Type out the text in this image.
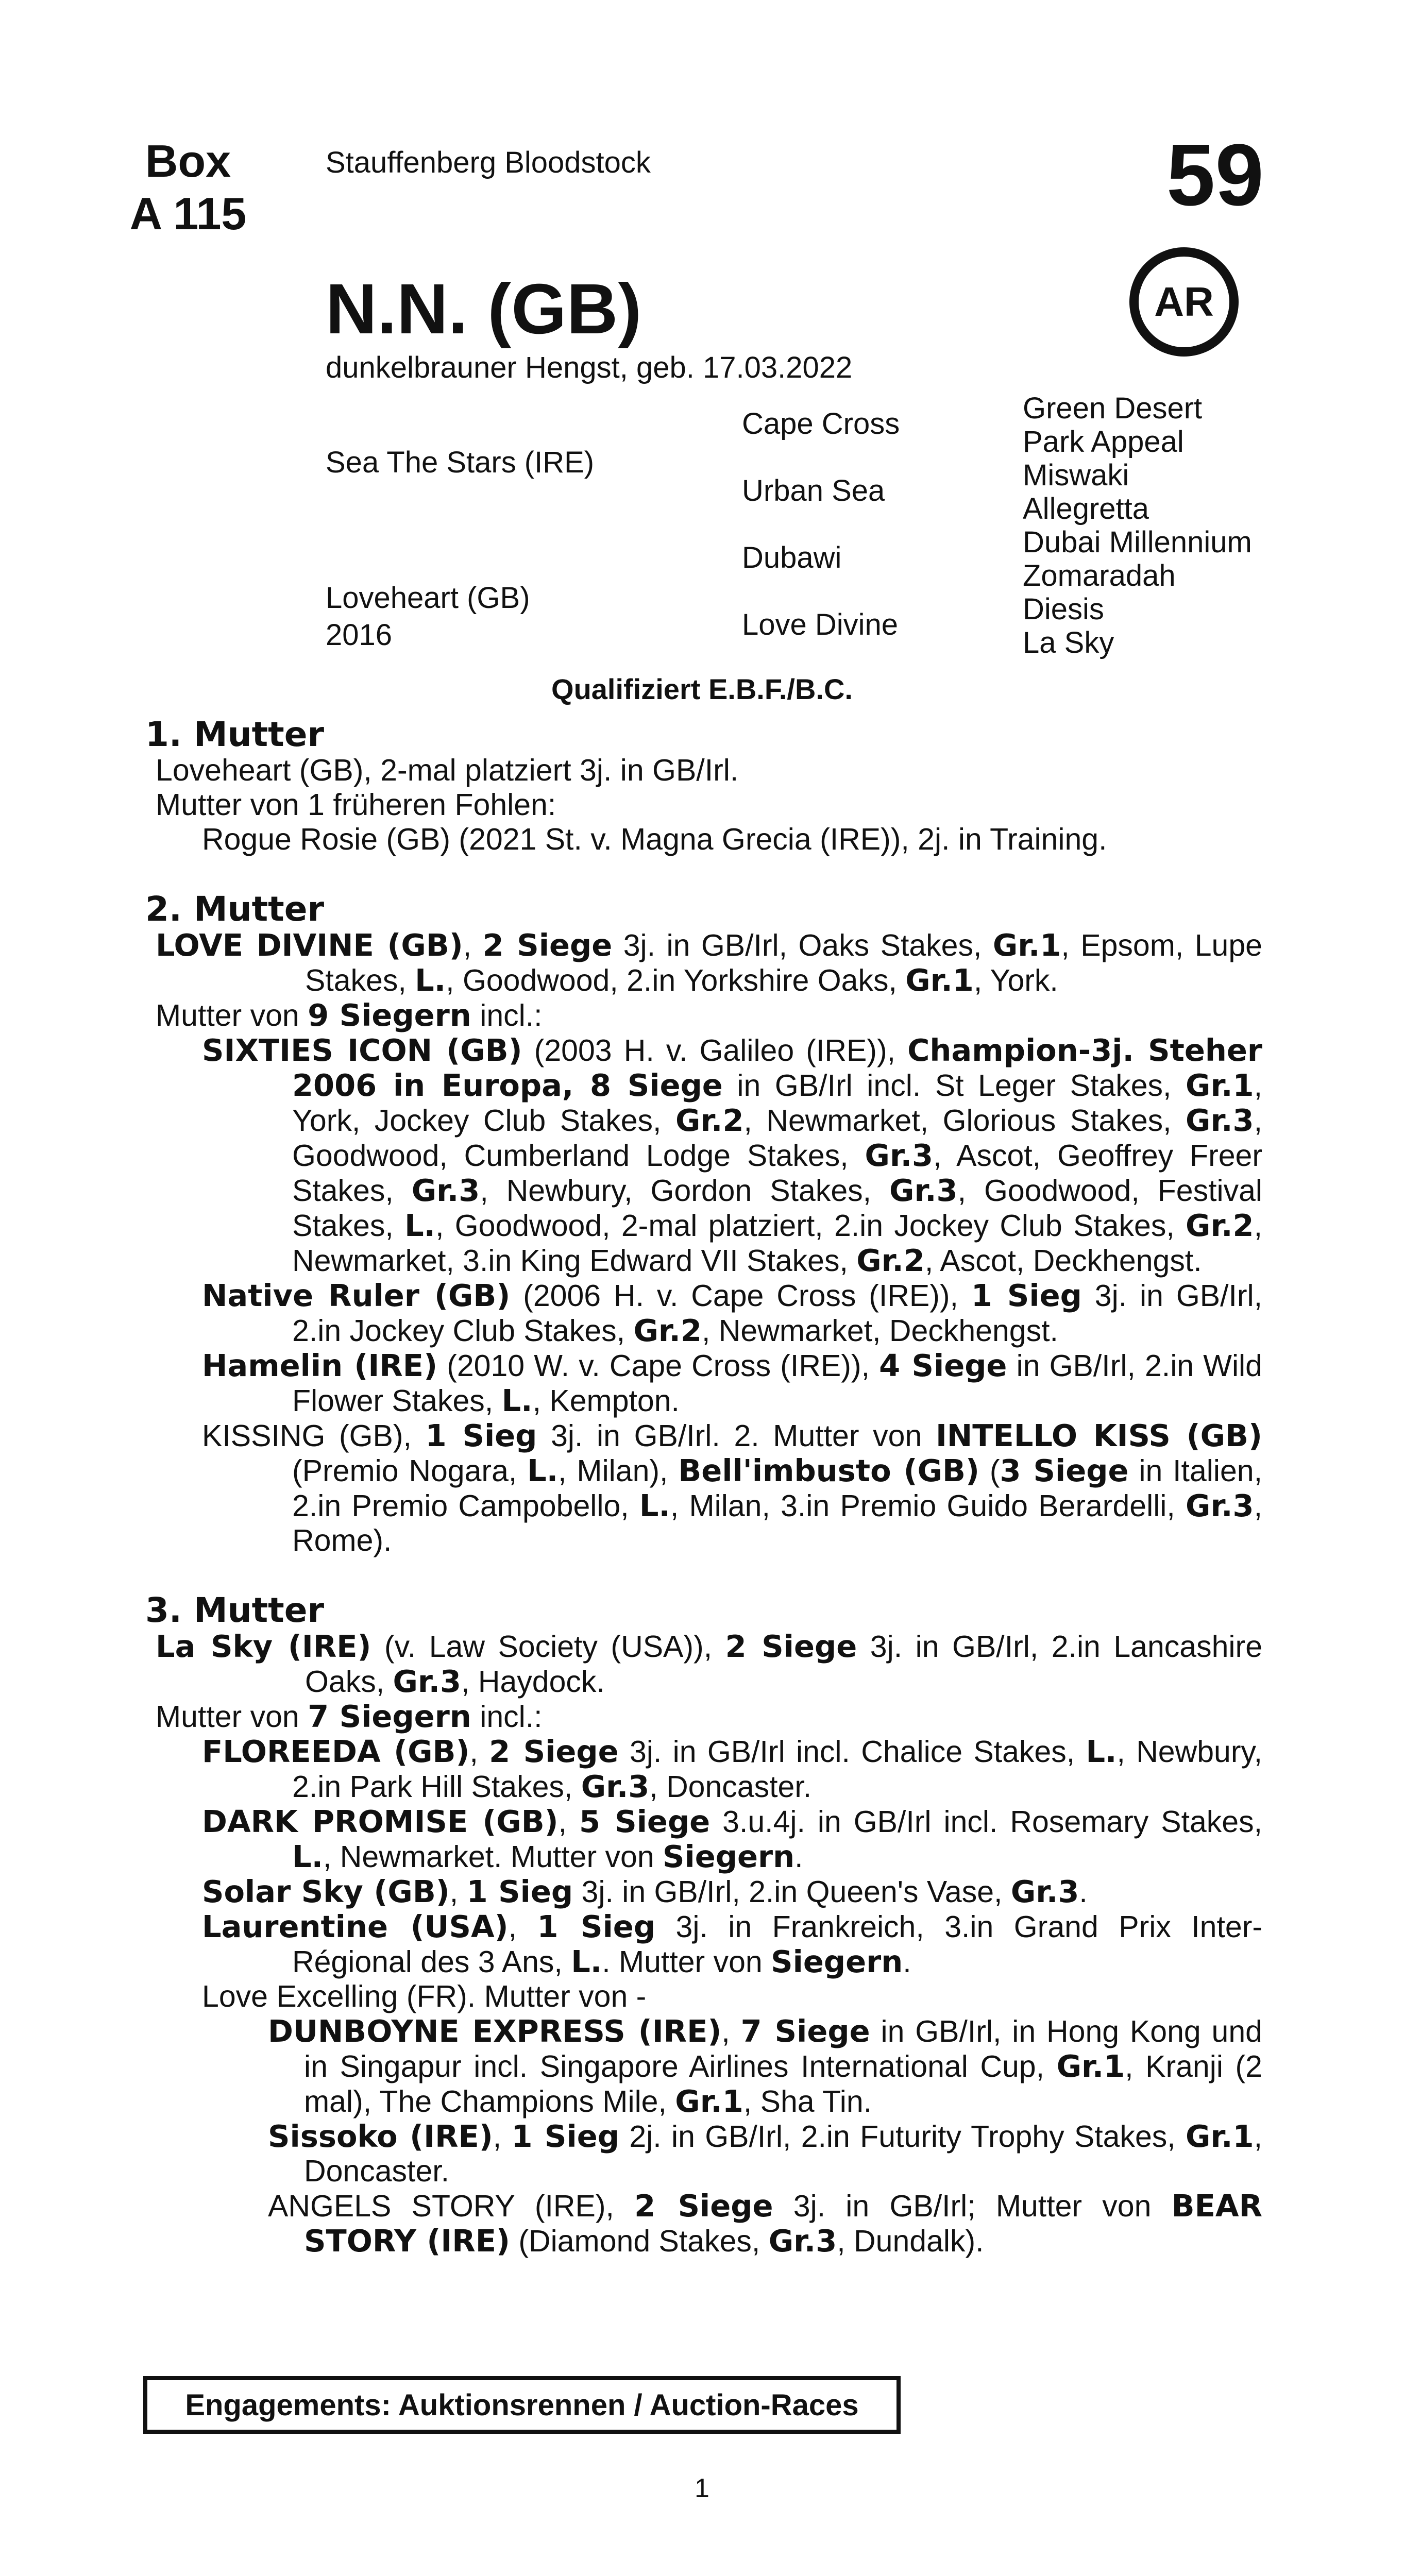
Box
A 115
Stauffenberg Bloodstock	59
N.N. (GB)	AR
dunkelbrauner Hengst, geb. 17.03.2022
Sea The Stars (IRE)
Loveheart (GB)
2016
Cape Cross
Urban Sea
Dubawi
Love Divine
Green Desert
Park Appeal
Miswaki
Allegretta
Dubai Millennium
Zomaradah
Diesis
La Sky
Qualifiziert E.B.F./B.C.
1. Mutter
Loveheart (GB), 2-mal platziert 3j. in GB/Irl.
Mutter von 1 früheren Fohlen:
Rogue Rosie (GB) (2021 St. v. Magna Grecia (IRE)), 2j. in Training.
2. Mutter
LOVE DIVINE (GB), 2 Siege 3j. in GB/Irl, Oaks Stakes, Gr.1, Epsom, Lupe Stakes, L., Goodwood, 2.in Yorkshire Oaks, Gr.1, York.
Mutter von 9 Siegern incl.:
SIXTIES ICON (GB) (2003 H. v. Galileo (IRE)), Champion-3j. Steher 2006 in Europa, 8 Siege in GB/Irl incl. St Leger Stakes, Gr.1, York, Jockey Club Stakes, Gr.2, Newmarket, Glorious Stakes, Gr.3, Goodwood, Cumberland Lodge Stakes, Gr.3, Ascot, Geoffrey Freer Stakes, Gr.3, Newbury, Gordon Stakes, Gr.3, Goodwood, Festival Stakes, L., Goodwood, 2-mal platziert, 2.in Jockey Club Stakes, Gr.2, Newmarket, 3.in King Edward VII Stakes, Gr.2, Ascot, Deckhengst.
Native Ruler (GB) (2006 H. v. Cape Cross (IRE)), 1 Sieg 3j. in GB/Irl, 2.in Jockey Club Stakes, Gr.2, Newmarket, Deckhengst.
Hamelin (IRE) (2010 W. v. Cape Cross (IRE)), 4 Siege in GB/Irl, 2.in Wild Flower Stakes, L., Kempton.
KISSING (GB), 1 Sieg 3j. in GB/Irl. 2. Mutter von INTELLO KISS (GB) (Premio Nogara, L., Milan), Bell'imbusto (GB) (3 Siege in Italien, 2.in Premio Campobello, L., Milan, 3.in Premio Guido Berardelli, Gr.3, Rome).
3. Mutter
La Sky (IRE) (v. Law Society (USA)), 2 Siege 3j. in GB/Irl, 2.in Lancashire Oaks, Gr.3, Haydock.
Mutter von 7 Siegern incl.:
FLOREEDA (GB), 2 Siege 3j. in GB/Irl incl. Chalice Stakes, L., Newbury, 2.in Park Hill Stakes, Gr.3, Doncaster.
DARK PROMISE (GB), 5 Siege 3.u.4j. in GB/Irl incl. Rosemary Stakes, L., Newmarket. Mutter von Siegern.
Solar Sky (GB), 1 Sieg 3j. in GB/Irl, 2.in Queen's Vase, Gr.3.
Laurentine (USA), 1 Sieg 3j. in Frankreich, 3.in Grand Prix Inter-Régional des 3 Ans, L.. Mutter von Siegern.
Love Excelling (FR). Mutter von -
DUNBOYNE EXPRESS (IRE), 7 Siege in GB/Irl, in Hong Kong und in Singapur incl. Singapore Airlines International Cup, Gr.1, Kranji (2 mal), The Champions Mile, Gr.1, Sha Tin.
Sissoko (IRE), 1 Sieg 2j. in GB/Irl, 2.in Futurity Trophy Stakes, Gr.1, Doncaster.
ANGELS STORY (IRE), 2 Siege 3j. in GB/Irl; Mutter von BEAR STORY (IRE) (Diamond Stakes, Gr.3, Dundalk).
Engagements: Auktionsrennen / Auction-Races
1
